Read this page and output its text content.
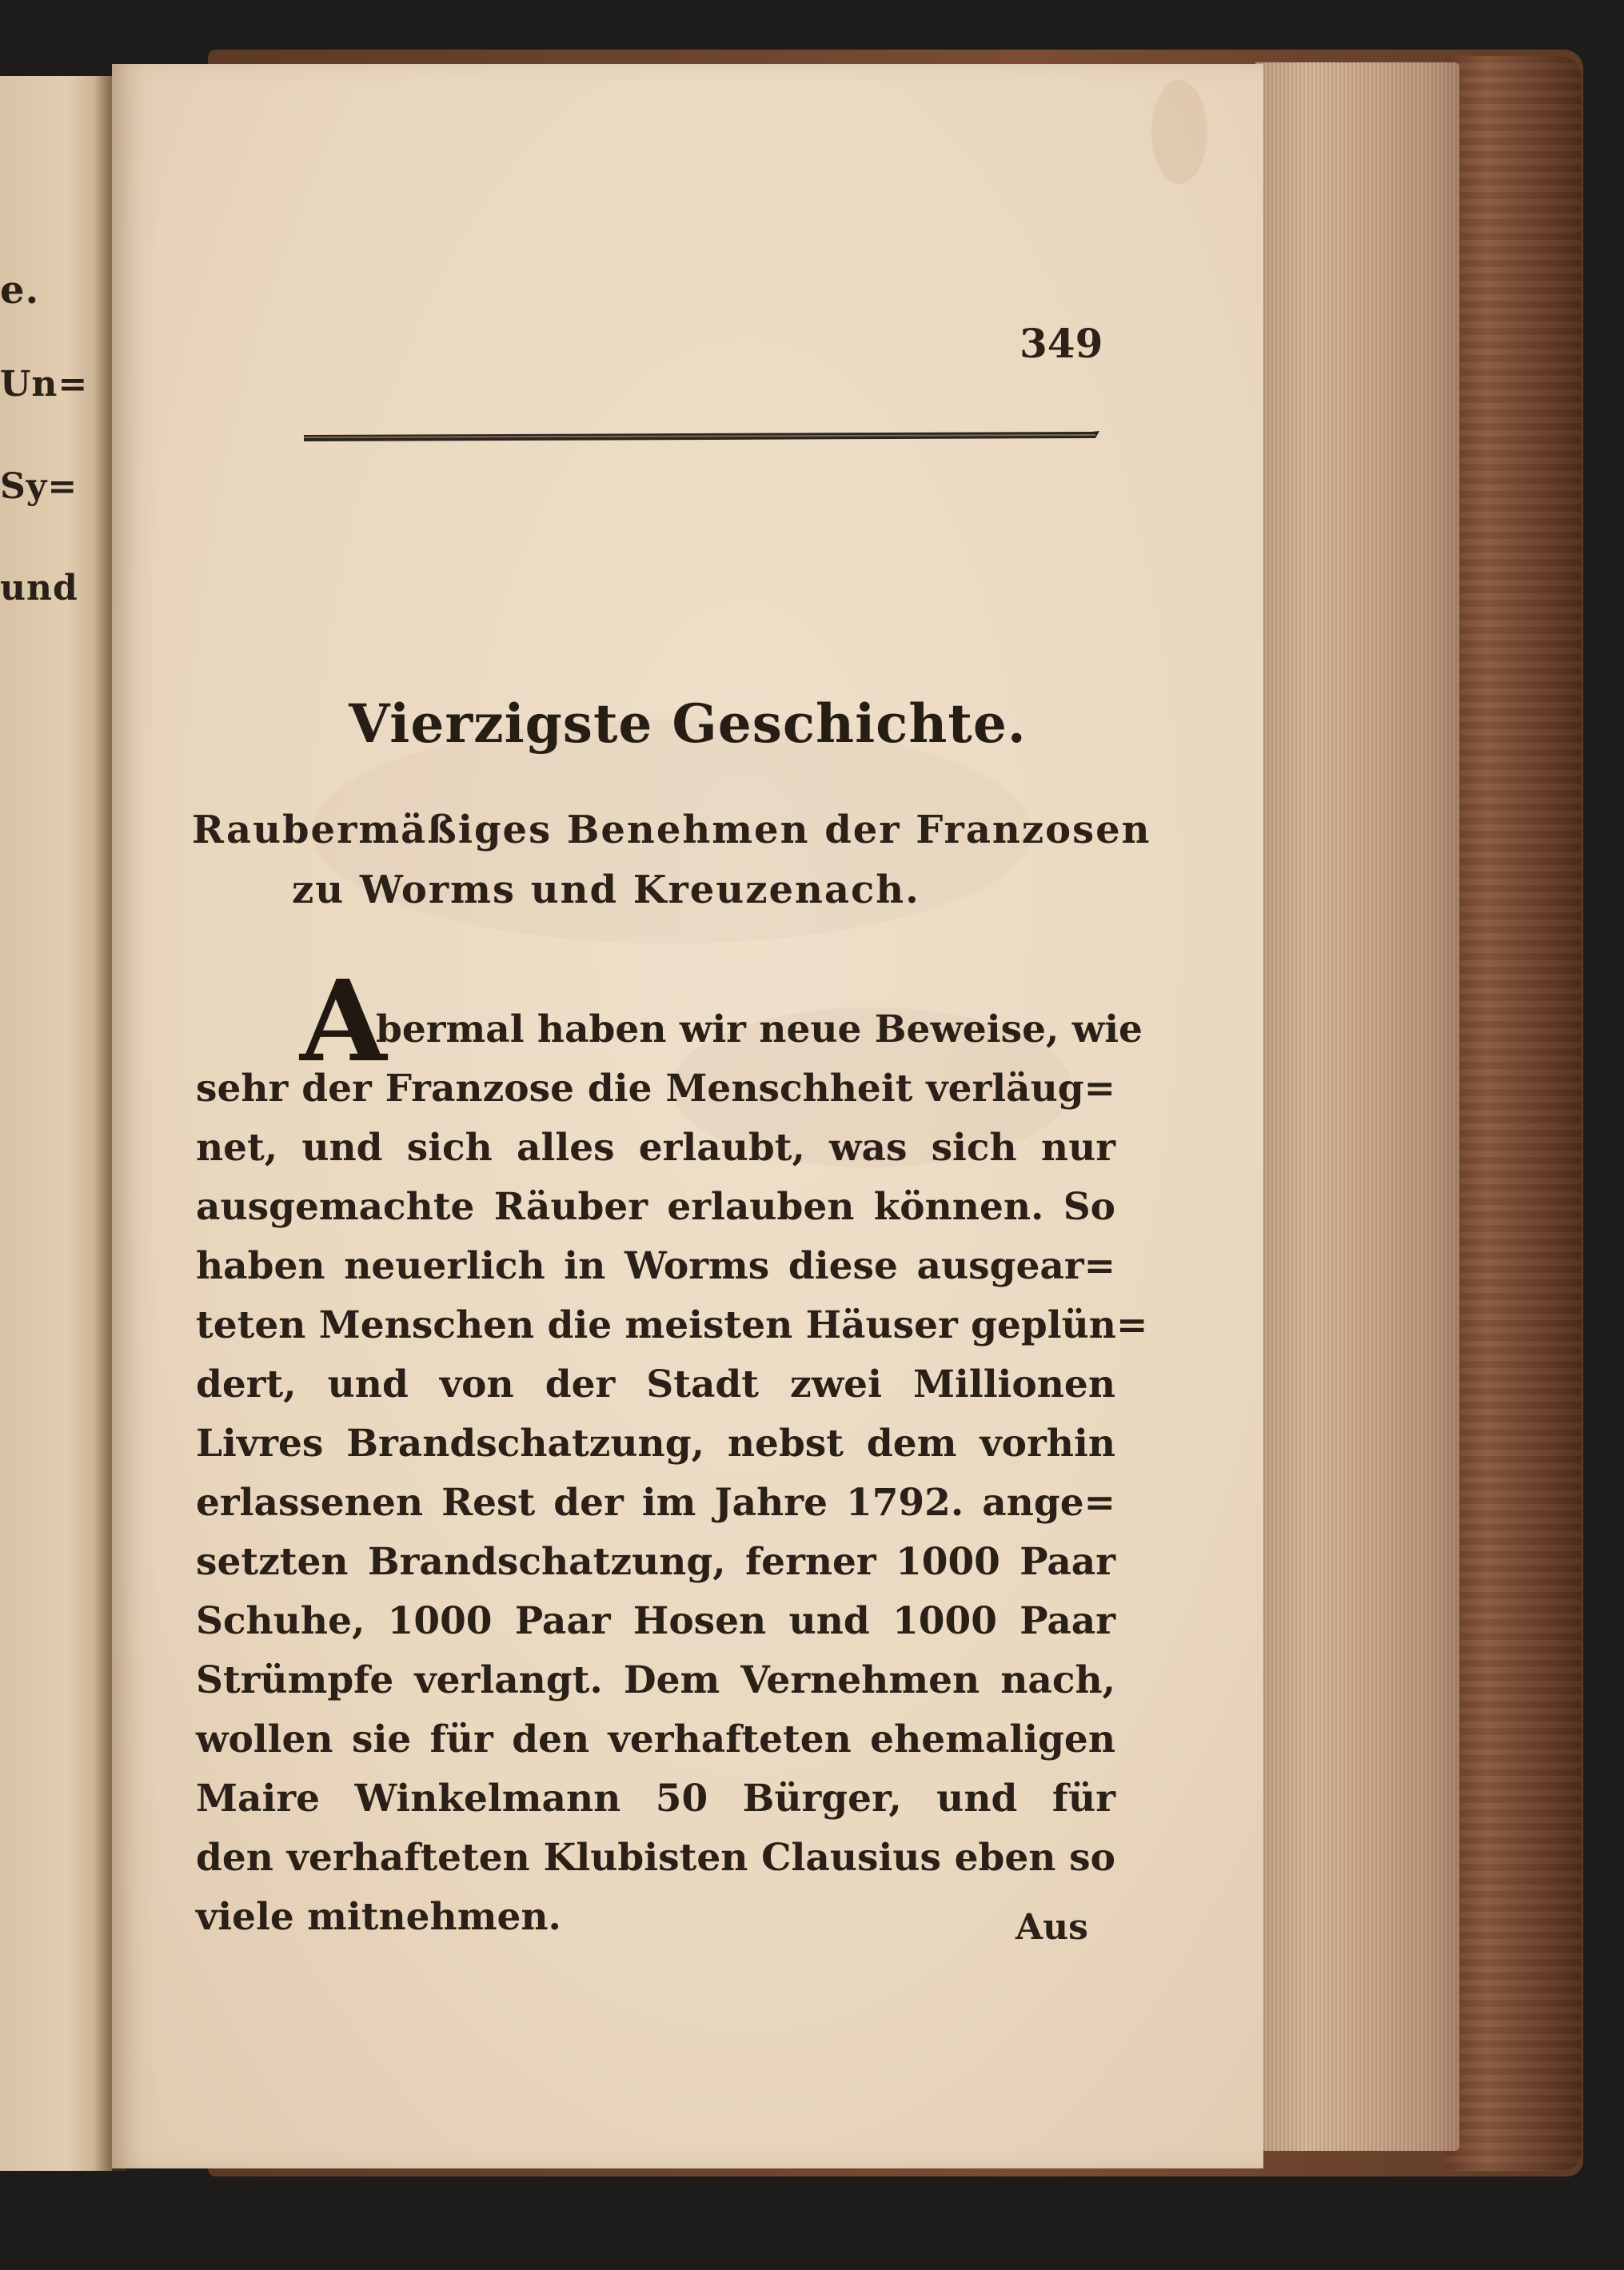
e.
Un=
Sy=
und
349
Vierzigste Geschichte.
Raubermäßiges Benehmen der Franzosen
zu Worms und Kreuzenach.
A
bermal haben wir neue Beweise, wie
sehr der Franzose die Menschheit verläug=
net, und sich alles erlaubt, was sich nur
ausgemachte Räuber erlauben können. So
haben neuerlich in Worms diese ausgear=
teten Menschen die meisten Häuser geplün=
dert, und von der Stadt zwei Millionen
Livres Brandschatzung, nebst dem vorhin
erlassenen Rest der im Jahre 1792. ange=
setzten Brandschatzung, ferner 1000 Paar
Schuhe, 1000 Paar Hosen und 1000 Paar
Strümpfe verlangt. Dem Vernehmen nach,
wollen sie für den verhafteten ehemaligen
Maire Winkelmann 50 Bürger, und für
den verhafteten Klubisten Clausius eben so
viele mitnehmen.	Aus
